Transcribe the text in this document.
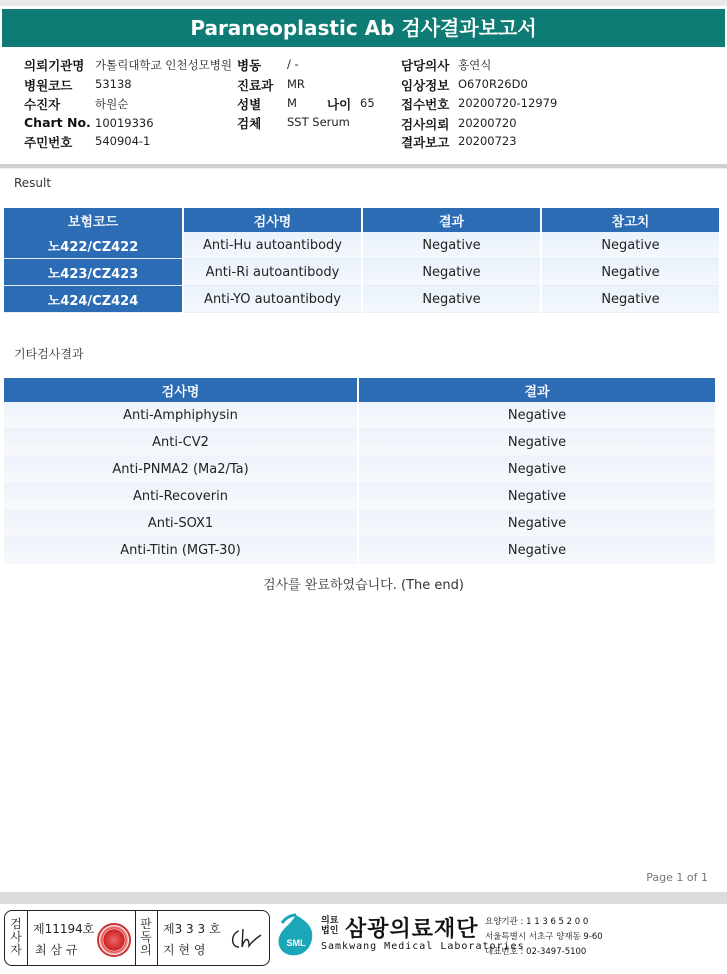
Paraneoplastic Ab 검사결과보고서
의뢰기관명 가톨릭대학교 인천성모병원 병동 / -	담당의사 홍연식
병원코드 53138	진료과 MR	임상정보 O670R26D0
수진자	하원순	성별 M 나이 65 접수번호 20200720-12979
Chart No. 10019336	검체 SST Serum	검사의뢰 20200720
주민번호 540904-1	결과보고 20200723
Result
보험코드	검사명	결과	참고치
노422/CZ422	Anti-Hu autoantibody	Negative	Negative
노423/CZ423	Anti-Ri autoantibody	Negative	Negative
노424/CZ424	Anti-YO autoantibody	Negative	Negative
기타검사결과
검사명	결과
Anti-Amphiphysin	Negative
Anti-CV2	Negative
Anti-PNMA2 (Ma2/Ta)	Negative
Anti-Recoverin	Negative
Anti-SOX1	Negative
Anti-Titin (MGT-30)	Negative
검사를 완료하였습니다. (The end)
Page 1 of 1
검사자
제11194호
최 삼 규
판독의
제3 3 3 호
지 현 영	SML
의료법인 삼광의료재단
Samkwang Medical Laboratories
요양기관 : 1 1 3 6 5 2 0 0
서울특별시 서초구 양재동 9-60
대표번호 : 02-3497-5100
